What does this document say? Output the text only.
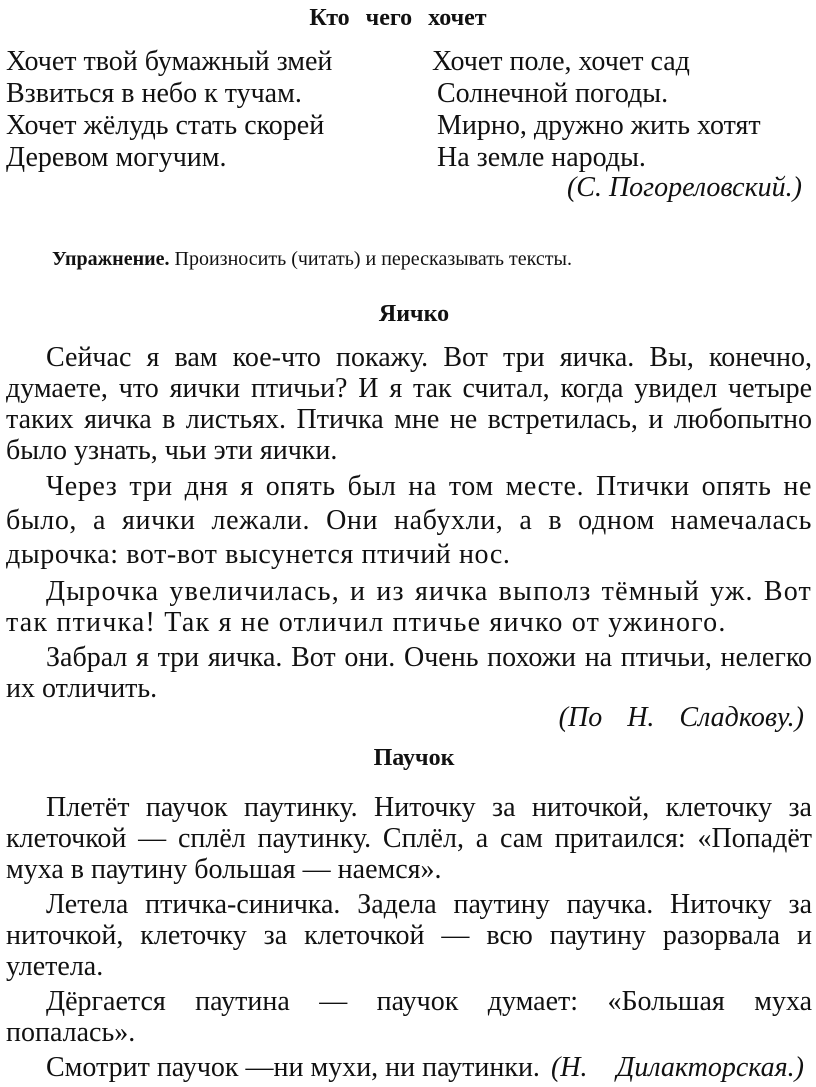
Кто чего хочет
Хочет твой бумажный змей
Взвиться в небо к тучам.
Хочет жёлудь стать скорей
Деревом могучим.
Хочет поле, хочет сад
Солнечной погоды.
Мирно, дружно жить хотят
На земле народы.
(С. Погореловский.)
Упражнение. Произносить (читать) и пересказывать тексты.
Яичко
Сейчас я вам кое-что покажу. Вот три яичка. Вы, конечно, думаете, что яички птичьи? И я так считал, когда увидел четыре таких яичка в листьях. Птичка мне не встретилась, и любопытно было узнать, чьи эти яички.
Через три дня я опять был на том месте. Птички опять не было, а яички лежали. Они набухли, а в одном намечалась дырочка: вот-вот высунется птичий нос.
Дырочка увеличилась, и из яичка выполз тёмный уж. Вот так птичка! Так я не отличил птичье яичко от ужиного.
Забрал я три яичка. Вот они. Очень похожи на птичьи, нелегко их отличить.
(По Н. Сладкову.)
Паучок
Плетёт паучок паутинку. Ниточку за ниточкой, клеточку за клеточкой — сплёл паутинку. Сплёл, а сам притаился: «Попадёт муха в паутину большая — наемся».
Летела птичка-синичка. Задела паутину паучка. Ниточку за ниточкой, клеточку за клеточкой — всю паутину разорвала и улетела.
Дёргается паутина — паучок думает: «Большая муха попалась».
Смотрит паучок —ни мухи, ни паутинки. (Н. Дилакторская.)
